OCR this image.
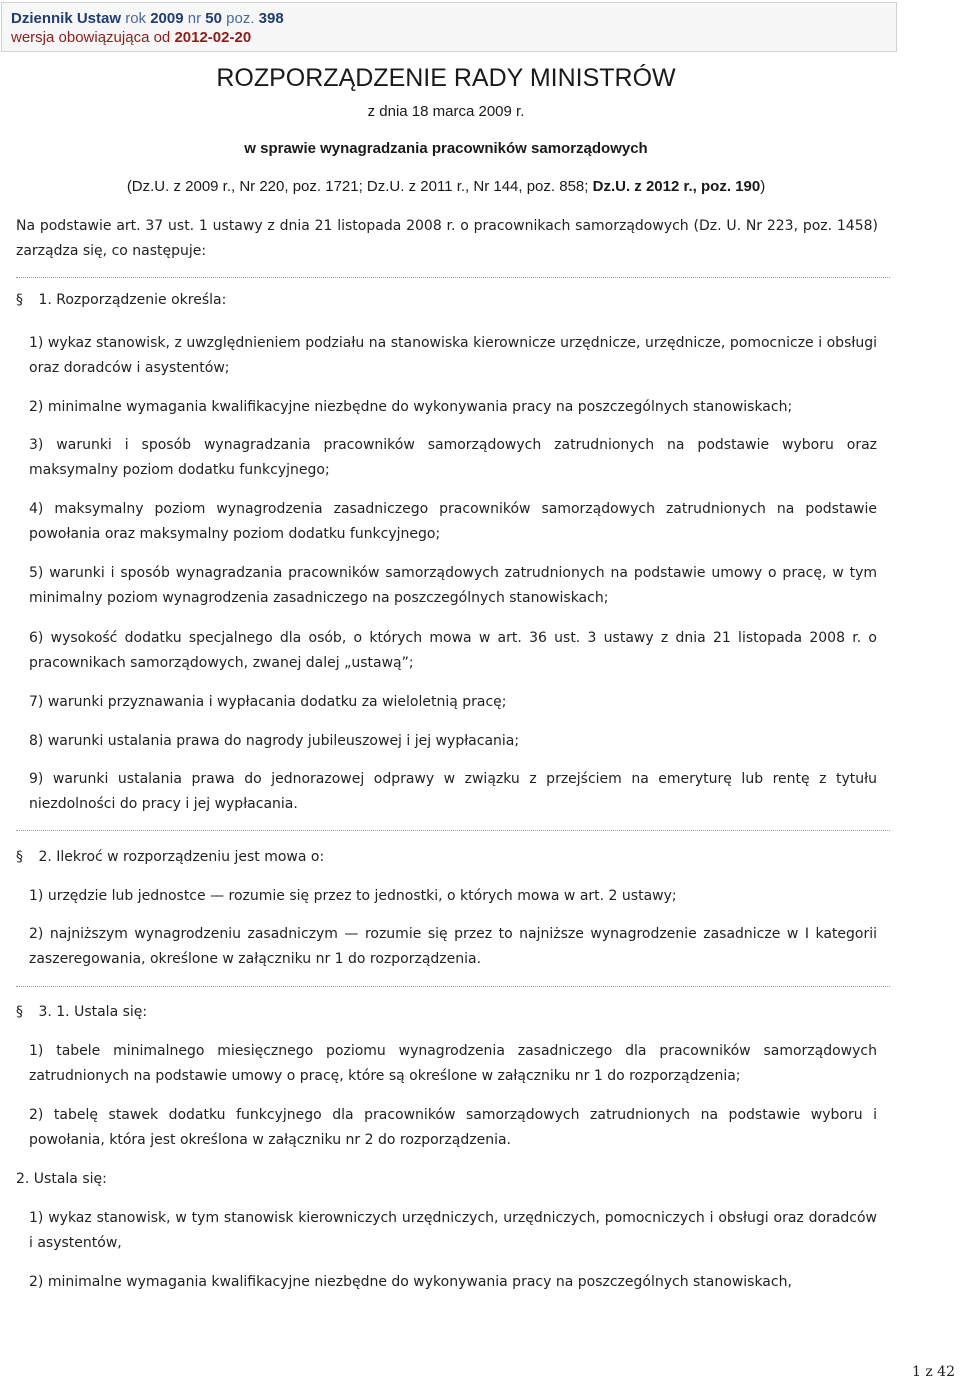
Dziennik Ustaw rok 2009 nr 50 poz. 398
wersja obowiązująca od 2012-02-20
ROZPORZĄDZENIE RADY MINISTRÓW
z dnia 18 marca 2009 r.
w sprawie wynagradzania pracowników samorządowych
(Dz.U. z 2009 r., Nr 220, poz. 1721; Dz.U. z 2011 r., Nr 144, poz. 858; Dz.U. z 2012 r., poz. 190)
Na podstawie art. 37 ust. 1 ustawy z dnia 21 listopada 2008 r. o pracownikach samorządowych (Dz. U. Nr 223, poz. 1458) zarządza się, co następuje:
§ 1. Rozporządzenie określa:
1) wykaz stanowisk, z uwzględnieniem podziału na stanowiska kierownicze urzędnicze, urzędnicze, pomocnicze i obsługi oraz doradców i asystentów;
2) minimalne wymagania kwalifikacyjne niezbędne do wykonywania pracy na poszczególnych stanowiskach;
3) warunki i sposób wynagradzania pracowników samorządowych zatrudnionych na podstawie wyboru oraz maksymalny poziom dodatku funkcyjnego;
4) maksymalny poziom wynagrodzenia zasadniczego pracowników samorządowych zatrudnionych na podstawie powołania oraz maksymalny poziom dodatku funkcyjnego;
5) warunki i sposób wynagradzania pracowników samorządowych zatrudnionych na podstawie umowy o pracę, w tym minimalny poziom wynagrodzenia zasadniczego na poszczególnych stanowiskach;
6) wysokość dodatku specjalnego dla osób, o których mowa w art. 36 ust. 3 ustawy z dnia 21 listopada 2008 r. o pracownikach samorządowych, zwanej dalej „ustawą”;
7) warunki przyznawania i wypłacania dodatku za wieloletnią pracę;
8) warunki ustalania prawa do nagrody jubileuszowej i jej wypłacania;
9) warunki ustalania prawa do jednorazowej odprawy w związku z przejściem na emeryturę lub rentę z tytułu niezdolności do pracy i jej wypłacania.
§ 2. Ilekroć w rozporządzeniu jest mowa o:
1) urzędzie lub jednostce — rozumie się przez to jednostki, o których mowa w art. 2 ustawy;
2) najniższym wynagrodzeniu zasadniczym — rozumie się przez to najniższe wynagrodzenie zasadnicze w I kategorii zaszeregowania, określone w załączniku nr 1 do rozporządzenia.
§ 3. 1. Ustala się:
1) tabele minimalnego miesięcznego poziomu wynagrodzenia zasadniczego dla pracowników samorządowych zatrudnionych na podstawie umowy o pracę, które są określone w załączniku nr 1 do rozporządzenia;
2) tabelę stawek dodatku funkcyjnego dla pracowników samorządowych zatrudnionych na podstawie wyboru i powołania, która jest określona w załączniku nr 2 do rozporządzenia.
2. Ustala się:
1) wykaz stanowisk, w tym stanowisk kierowniczych urzędniczych, urzędniczych, pomocniczych i obsługi oraz doradców i asystentów,
2) minimalne wymagania kwalifikacyjne niezbędne do wykonywania pracy na poszczególnych stanowiskach,
1 z 42
